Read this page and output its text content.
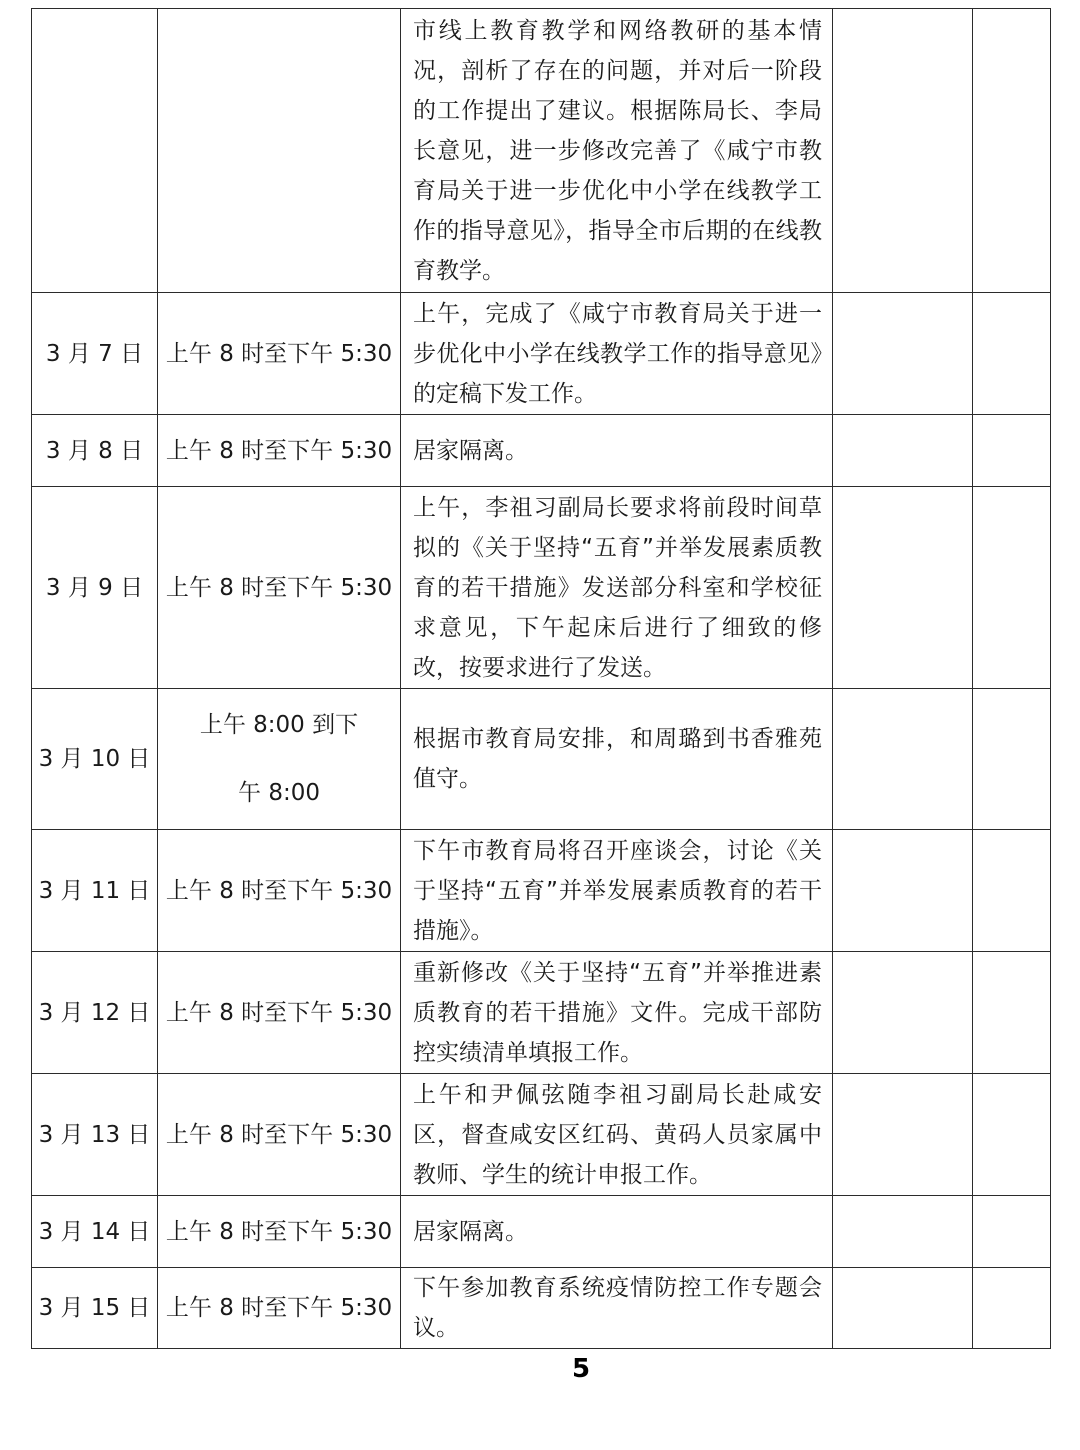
		市线上教育教学和网络教研的基本情况，剖析了存在的问题，并对后一阶段的工作提出了建议。根据陈局长、李局长意见，进一步修改完善了《咸宁市教育局关于进一步优化中小学在线教学工作的指导意见》，指导全市后期的在线教育教学。		
3 月 7 日	上午 8 时至下午 5:30	上午，完成了《咸宁市教育局关于进一步优化中小学在线教学工作的指导意见》的定稿下发工作。		
3 月 8 日	上午 8 时至下午 5:30	居家隔离。		
3 月 9 日	上午 8 时至下午 5:30	上午，李祖习副局长要求将前段时间草拟的《关于坚持“五育”并举发展素质教育的若干措施》发送部分科室和学校征求意见，下午起床后进行了细致的修改，按要求进行了发送。		
3 月 10 日	上午 8:00 到下午 8:00	根据市教育局安排，和周璐到书香雅苑值守。		
3 月 11 日	上午 8 时至下午 5:30	下午市教育局将召开座谈会，讨论《关于坚持“五育”并举发展素质教育的若干措施》。		
3 月 12 日	上午 8 时至下午 5:30	重新修改《关于坚持“五育”并举推进素质教育的若干措施》文件。完成干部防控实绩清单填报工作。		
3 月 13 日	上午 8 时至下午 5:30	上午和尹佩弦随李祖习副局长赴咸安区，督查咸安区红码、黄码人员家属中教师、学生的统计申报工作。		
3 月 14 日	上午 8 时至下午 5:30	居家隔离。		
3 月 15 日	上午 8 时至下午 5:30	下午参加教育系统疫情防控工作专题会议。		
5
